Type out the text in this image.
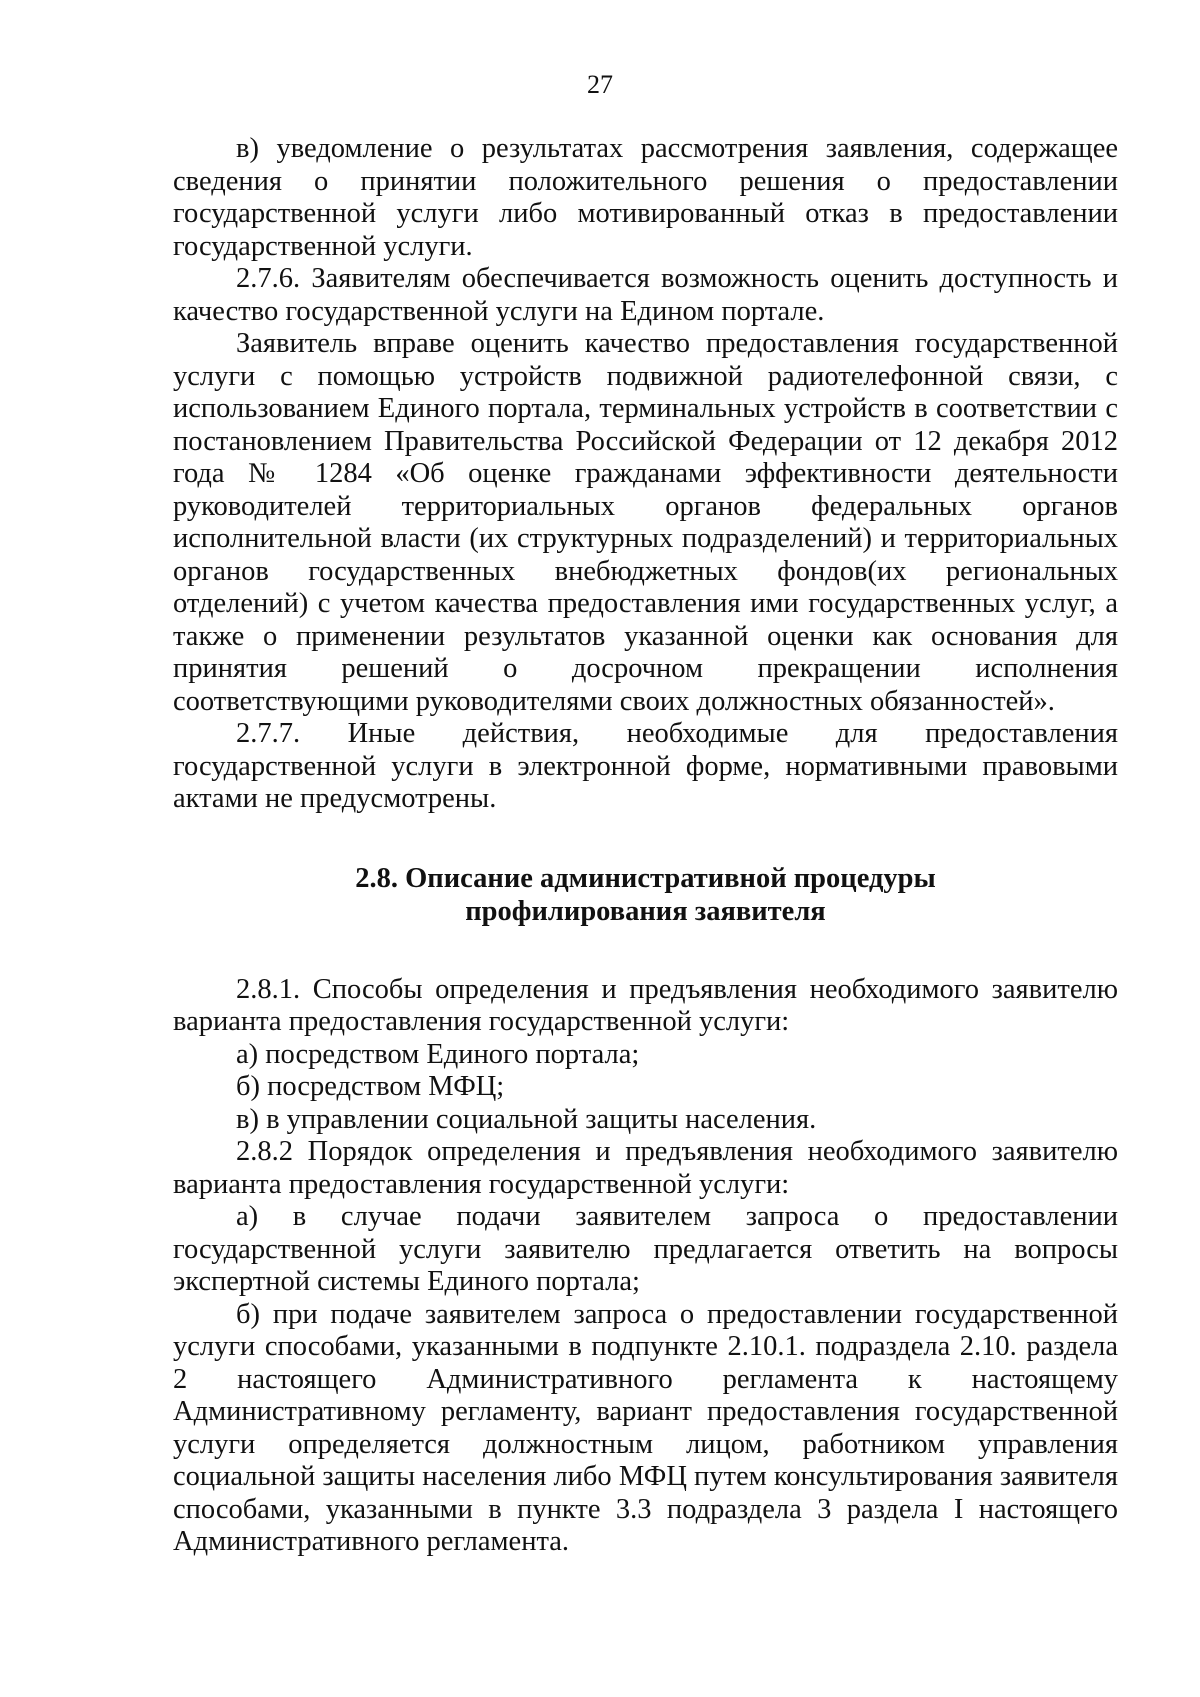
27

в) уведомление о результатах рассмотрения заявления, содержащее сведения о принятии положительного решения о предоставлении государственной услуги либо мотивированный отказ в предоставлении государственной услуги.

2.7.6. Заявителям обеспечивается возможность оценить доступность и качество государственной услуги на Едином портале.

Заявитель вправе оценить качество предоставления государственной услуги с помощью устройств подвижной радиотелефонной связи, с использованием Единого портала, терминальных устройств в соответствии с постановлением Правительства Российской Федерации от 12 декабря 2012 года № 1284 «Об оценке гражданами эффективности деятельности руководителей территориальных органов федеральных органов исполнительной власти (их структурных подразделений) и территориальных органов государственных внебюджетных фондов(их региональных отделений) с учетом качества предоставления ими государственных услуг, а также о применении результатов указанной оценки как основания для принятия решений о досрочном прекращении исполнения соответствующими руководителями своих должностных обязанностей».

2.7.7. Иные действия, необходимые для предоставления государственной услуги в электронной форме, нормативными правовыми актами не предусмотрены.

2.8. Описание административной процедуры
профилирования заявителя

2.8.1. Способы определения и предъявления необходимого заявителю варианта предоставления государственной услуги:

а) посредством Единого портала;

б) посредством МФЦ;

в) в управлении социальной защиты населения.

2.8.2 Порядок определения и предъявления необходимого заявителю варианта предоставления государственной услуги:

а) в случае подачи заявителем запроса о предоставлении государственной услуги заявителю предлагается ответить на вопросы экспертной системы Единого портала;

б) при подаче заявителем запроса о предоставлении государственной услуги способами, указанными в подпункте 2.10.1. подраздела 2.10. раздела 2 настоящего Административного регламента к настоящему Административному регламенту, вариант предоставления государственной услуги определяется должностным лицом, работником управления социальной защиты населения либо МФЦ путем консультирования заявителя способами, указанными в пункте 3.3 подраздела 3 раздела I настоящего Административного регламента.
